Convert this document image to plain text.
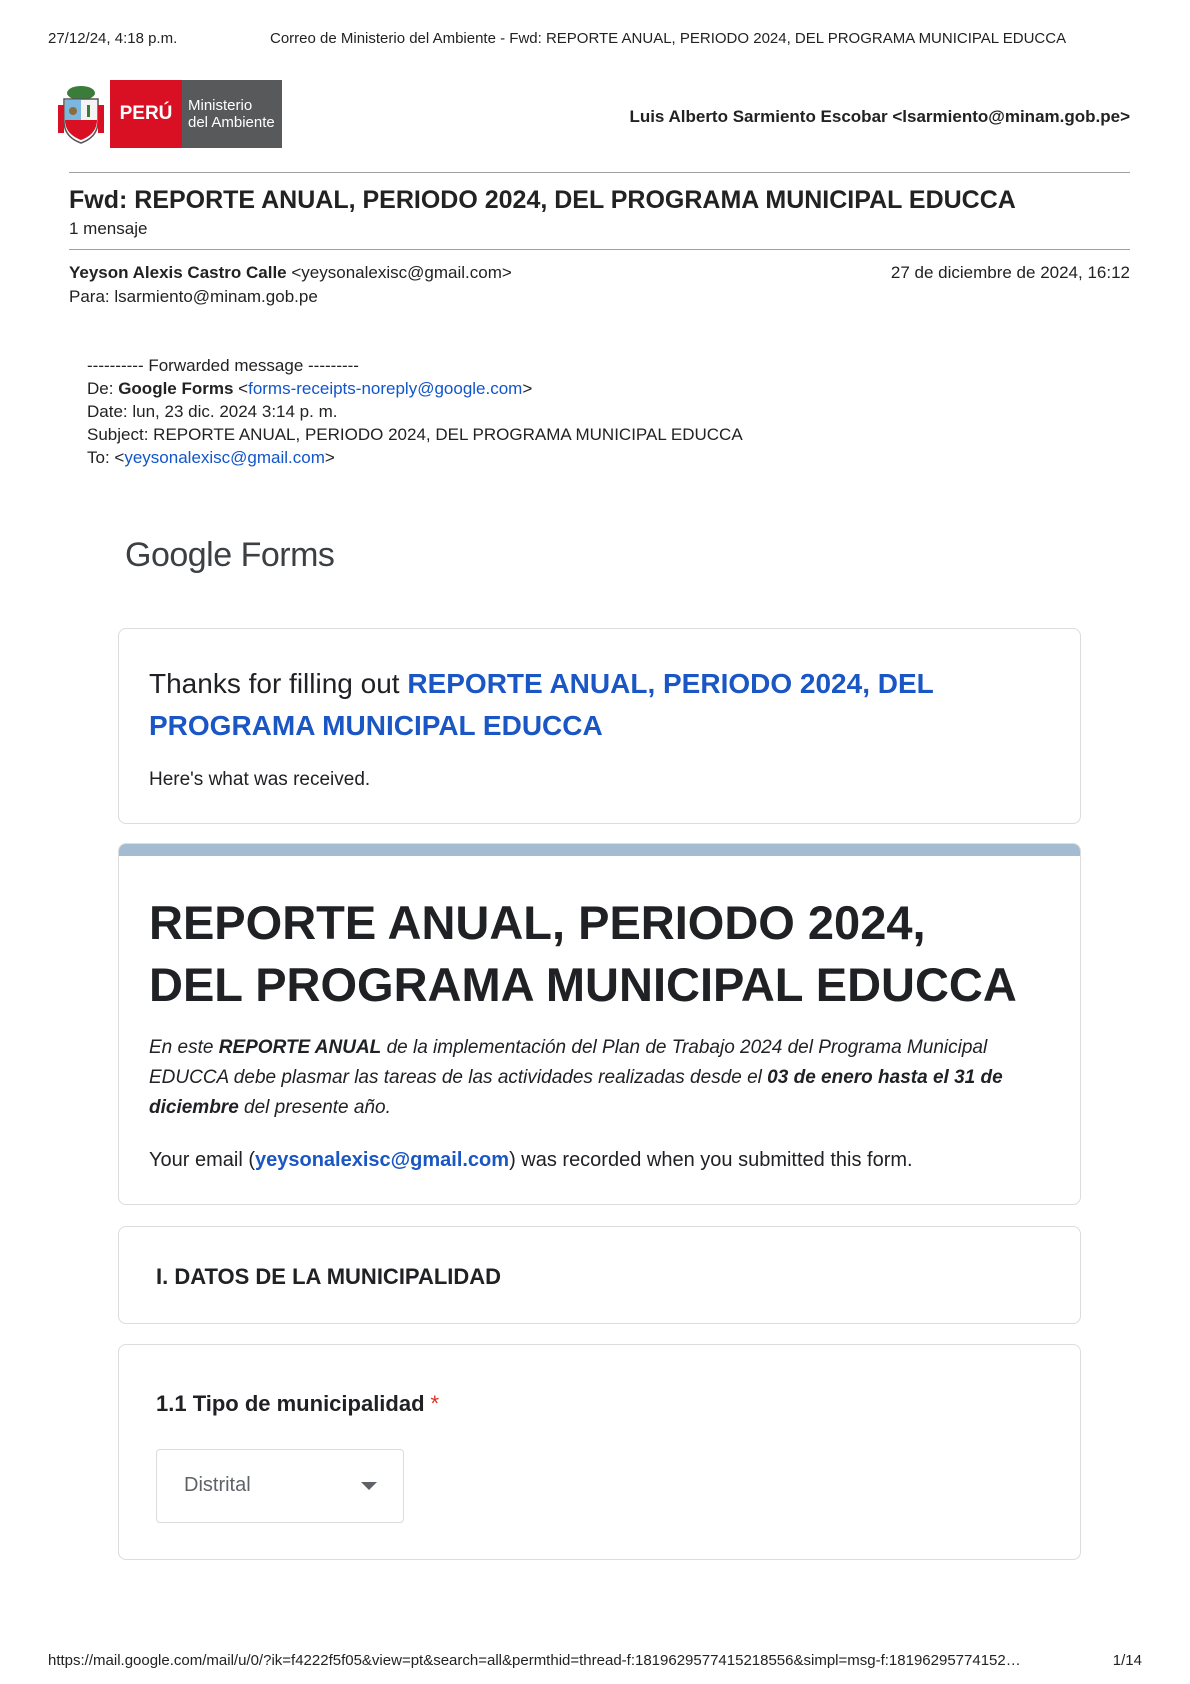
27/12/24, 4:18 p.m.	Correo de Ministerio del Ambiente - Fwd: REPORTE ANUAL, PERIODO 2024, DEL PROGRAMA MUNICIPAL EDUCCA
PERÚ	Ministerio
del Ambiente	Luis Alberto Sarmiento Escobar <lsarmiento@minam.gob.pe>
Fwd: REPORTE ANUAL, PERIODO 2024, DEL PROGRAMA MUNICIPAL EDUCCA
1 mensaje
Yeyson Alexis Castro Calle <yeysonalexisc@gmail.com>	27 de diciembre de 2024, 16:12
Para: lsarmiento@minam.gob.pe
---------- Forwarded message ---------
De: Google Forms <forms-receipts-noreply@google.com>
Date: lun, 23 dic. 2024 3:14 p. m.
Subject: REPORTE ANUAL, PERIODO 2024, DEL PROGRAMA MUNICIPAL EDUCCA
To: <yeysonalexisc@gmail.com>
Google Forms
Thanks for filling out REPORTE ANUAL, PERIODO 2024, DEL PROGRAMA MUNICIPAL EDUCCA
Here's what was received.
REPORTE ANUAL, PERIODO 2024,
DEL PROGRAMA MUNICIPAL EDUCCA
En este REPORTE ANUAL de la implementación del Plan de Trabajo 2024 del Programa Municipal EDUCCA debe plasmar las tareas de las actividades realizadas desde el 03 de enero hasta el 31 de diciembre del presente año.
Your email (yeysonalexisc@gmail.com) was recorded when you submitted this form.
I. DATOS DE LA MUNICIPALIDAD
1.1 Tipo de municipalidad *
Distrital
https://mail.google.com/mail/u/0/?ik=f4222f5f05&view=pt&search=all&permthid=thread-f:1819629577415218556&simpl=msg-f:18196295774152…	1/14
